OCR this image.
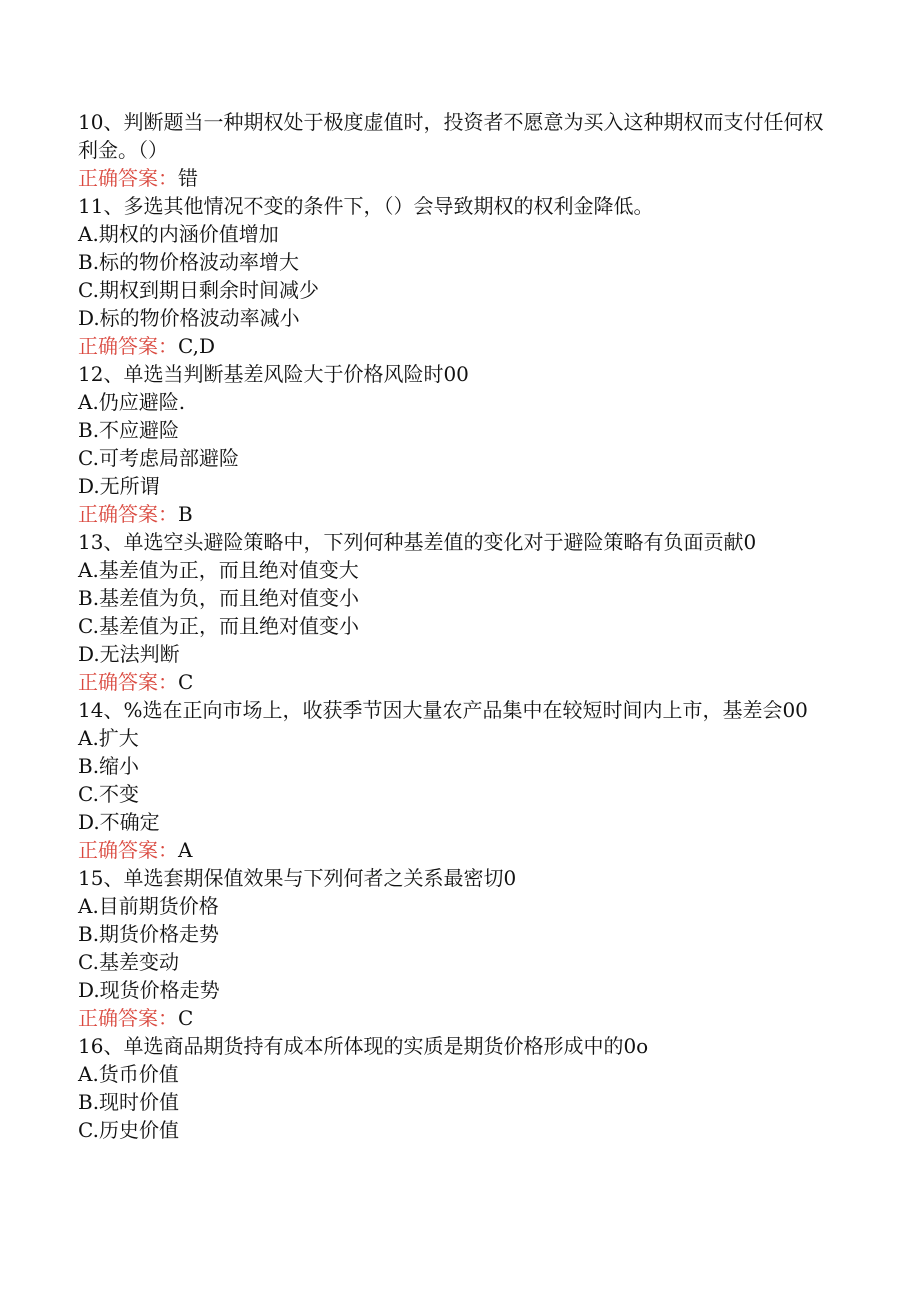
10、判断题当一种期权处于极度虚值时，投资者不愿意为买入这种期权而支付任何权利金。（）
正确答案：错
11、多选其他情况不变的条件下，（）会导致期权的权利金降低。
A.期权的内涵价值增加
B.标的物价格波动率增大
C.期权到期日剩余时间减少
D.标的物价格波动率减小
正确答案：C,D
12、单选当判断基差风险大于价格风险时00
A.仍应避险.
B.不应避险
C.可考虑局部避险
D.无所谓
正确答案：B
13、单选空头避险策略中，下列何种基差值的变化对于避险策略有负面贡献0
A.基差值为正，而且绝对值变大
B.基差值为负，而且绝对值变小
C.基差值为正，而且绝对值变小
D.无法判断
正确答案：C
14、%选在正向市场上，收获季节因大量农产品集中在较短时间内上市，基差会00
A.扩大
B.缩小
C.不变
D.不确定
正确答案：A
15、单选套期保值效果与下列何者之关系最密切0
A.目前期货价格
B.期货价格走势
C.基差变动
D.现货价格走势
正确答案：C
16、单选商品期货持有成本所体现的实质是期货价格形成中的0o
A.货币价值
B.现时价值
C.历史价值
